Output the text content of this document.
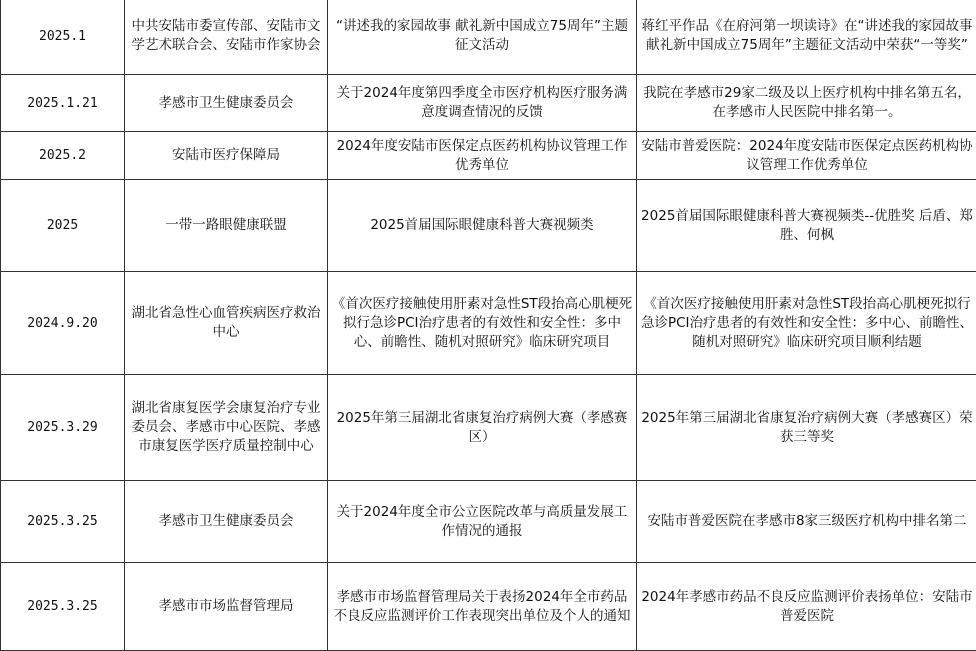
2025.1	中共安陆市委宣传部、安陆市文学艺术联合会、安陆市作家协会	“讲述我的家园故事 献礼新中国成立75周年”主题征文活动	蒋红平作品《在府河第一坝读诗》在“讲述我的家园故事 献礼新中国成立75周年”主题征文活动中荣获“一等奖”
2025.1.21	孝感市卫生健康委员会	关于2024年度第四季度全市医疗机构医疗服务满意度调查情况的反馈	我院在孝感市29家二级及以上医疗机构中排名第五名，在孝感市人民医院中排名第一。
2025.2	安陆市医疗保障局	2024年度安陆市医保定点医药机构协议管理工作优秀单位	安陆市普爱医院：2024年度安陆市医保定点医药机构协议管理工作优秀单位
2025	一带一路眼健康联盟	2025首届国际眼健康科普大赛视频类	2025首届国际眼健康科普大赛视频类--优胜奖 后盾、郑胜、何枫
2024.9.20	湖北省急性心血管疾病医疗救治中心	《首次医疗接触使用肝素对急性ST段抬高心肌梗死拟行急诊PCI治疗患者的有效性和安全性：多中心、前瞻性、随机对照研究》临床研究项目	《首次医疗接触使用肝素对急性ST段抬高心肌梗死拟行急诊PCI治疗患者的有效性和安全性：多中心、前瞻性、随机对照研究》临床研究项目顺利结题
2025.3.29	湖北省康复医学会康复治疗专业委员会、孝感市中心医院、孝感市康复医学医疗质量控制中心	2025年第三届湖北省康复治疗病例大赛（孝感赛区）	2025年第三届湖北省康复治疗病例大赛（孝感赛区）荣获三等奖
2025.3.25	孝感市卫生健康委员会	关于2024年度全市公立医院改革与高质量发展工作情况的通报	安陆市普爱医院在孝感市8家三级医疗机构中排名第二
2025.3.25	孝感市市场监督管理局	孝感市市场监督管理局关于表扬2024年全市药品不良反应监测评价工作表现突出单位及个人的通知	2024年孝感市药品不良反应监测评价表扬单位：安陆市普爱医院
